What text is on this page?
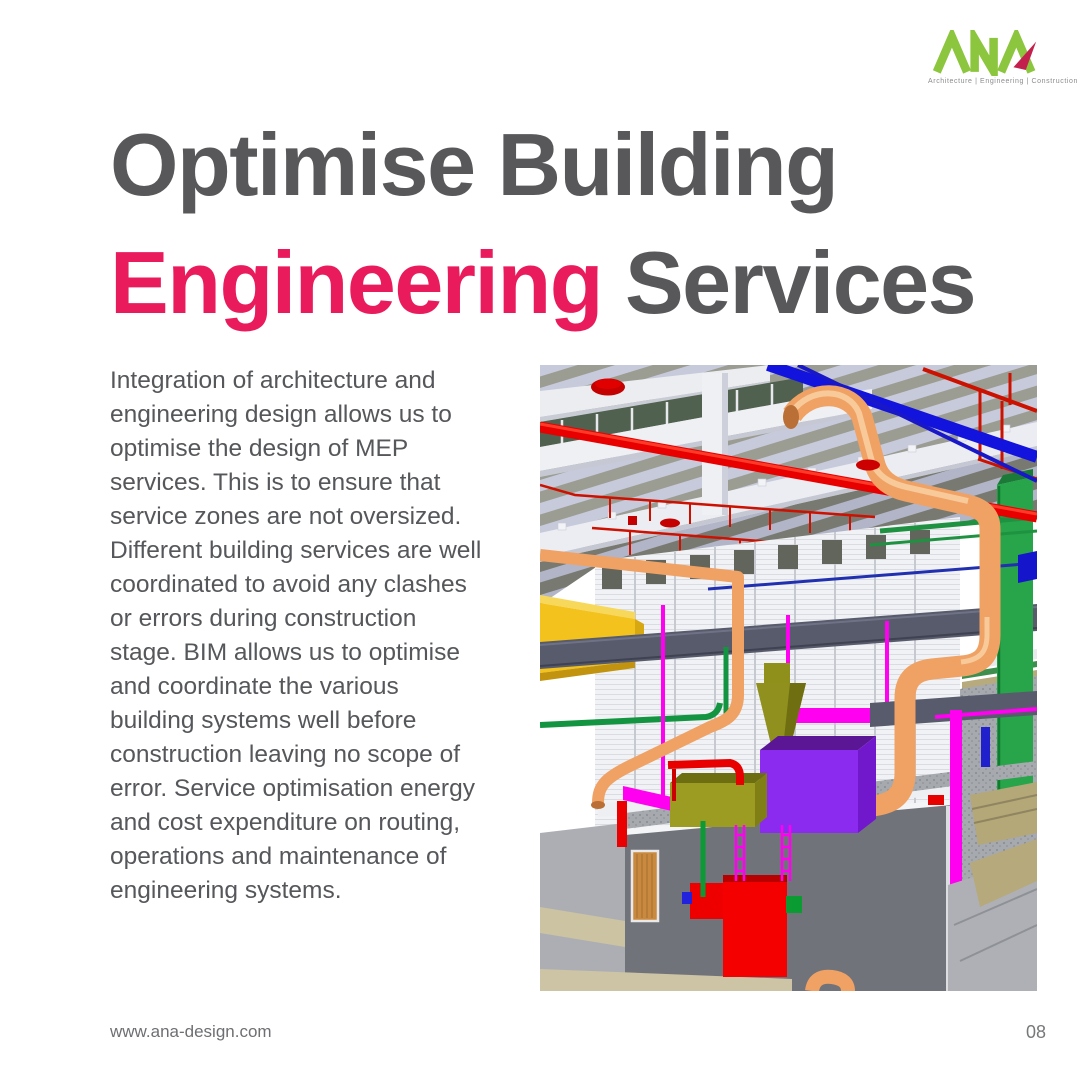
Architecture | Engineering | Construction
Optimise Building
Engineering Services
Integration of architecture and engineering design allows us to optimise the design of MEP services. This is to ensure that service zones are not oversized. Different building services are well coordinated to avoid any clashes or errors during construction stage. BIM allows us to optimise and coordinate the various building systems well before construction leaving no scope of error. Service optimisation energy and cost expenditure on routing, operations and maintenance of engineering systems.
www.ana-design.com	08
